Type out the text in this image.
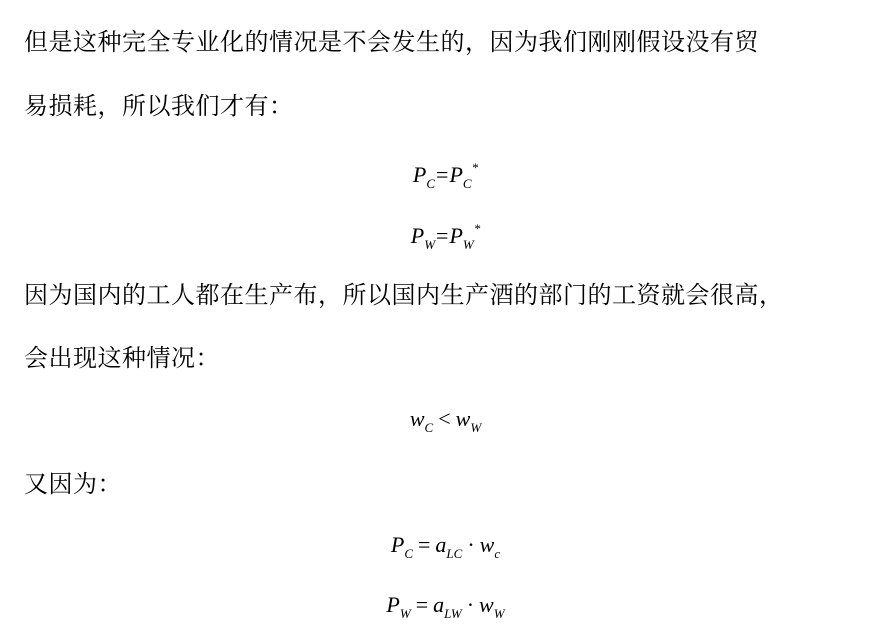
但是这种完全专业化的情况是不会发生的，因为我们刚刚假设没有贸
易损耗，所以我们才有：
$P_C=P_C^*$
$P_W=P_W^*$
因为国内的工人都在生产布，所以国内生产酒的部门的工资就会很高，
会出现这种情况：
$w_C < w_W$
又因为：
$P_C = a_{LC} \cdot w_c$
$P_W = a_{LW} \cdot w_W$
